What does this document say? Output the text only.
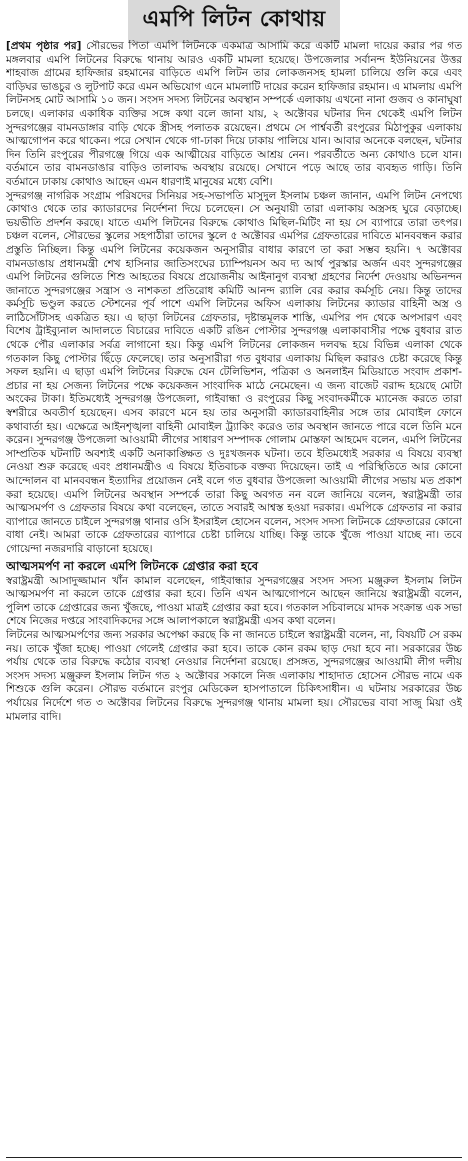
এমপি লিটন কোথায়

[প্রথম পৃষ্ঠার পর] সৌরভের পিতা এমপি লিটনকে একমাত্র আসামি করে একটি মামলা দায়ের করার পর গত মঙ্গলবার এমপি লিটনের বিরুদ্ধে থানায় আরও একটি মামলা হয়েছে। উপজেলার সর্বানন্দ ইউনিয়নের উত্তর শাহবাজ গ্রামের হাফিজার রহমানের বাড়িতে এমপি লিটন তার লোকজনসহ হামলা চালিয়ে গুলি করে এবং বাড়িঘর ভাঙচুর ও লুটপাট করে এমন অভিযোগ এনে মামলাটি দায়ের করেন হাফিজার রহমান। এ মামলায় এমপি লিটনসহ মোট আসামি ১০ জন। সংসদ সদস্য লিটনের অবস্থান সম্পর্কে এলাকায় এখনো নানা গুজব ও কানাঘুষা চলছে। এলাকার একাধিক ব্যক্তির সঙ্গে কথা বলে জানা যায়, ২ অক্টোবর ঘটনার দিন থেকেই এমপি লিটন সুন্দরগঞ্জের বামনডাঙ্গার বাড়ি থেকে স্ত্রীসহ পলাতক রয়েছেন। প্রথমে সে পার্শ্ববর্তী রংপুরের মিঠাপুকুর এলাকায় আত্মগোপন করে থাকেন। পরে সেখান থেকে গা-ঢাকা দিয়ে ঢাকায় পালিয়ে যান। আবার অনেকে বলছেন, ঘটনার দিন তিনি রংপুরের পীরগঞ্জে গিয়ে এক আত্মীয়ের বাড়িতে আশ্রয় নেন। পরবর্তীতে অন্য কোথাও চলে যান। বর্তমানে তার বামনডাঙার বাড়িও তালাবদ্ধ অবস্থায় রয়েছে। সেখানে পড়ে আছে তার ব্যবহৃত গাড়ি। তিনি বর্তমানে ঢাকায় কোথাও আছেন এমন ধারণাই মানুষের মধ্যে বেশি।

সুন্দরগঞ্জ নাগরিক সংগ্রাম পরিষদের সিনিয়র সহ-সভাপতি মাসুদুল ইসলাম চঞ্চল জানান, এমপি লিটন নেপথ্যে কোথাও থেকে তার ক্যাডারদের নির্দেশনা দিয়ে চলেছেন। সে অনুযায়ী তারা এলাকায় অস্ত্রসহ ঘুরে বেড়াচ্ছে। ভয়ভীতি প্রদর্শন করছে। যাতে এমপি লিটনের বিরুদ্ধে কোথাও মিছিল-মিটিং না হয় সে ব্যাপারে তারা তৎপর। চঞ্চল বলেন, সৌরভের স্কুলের সহপাঠীরা তাদের স্কুলে ৫ অক্টোবর এমপির গ্রেফতারের দাবিতে মানববন্ধন করার প্রস্তুতি নিচ্ছিল। কিন্তু এমপি লিটনের কয়েকজন অনুসারীর বাধার কারণে তা করা সম্ভব হয়নি। ৭ অক্টোবর বামনডাঙায় প্রধানমন্ত্রী শেখ হাসিনার জাতিসংঘের চ্যাম্পিয়নস অব দ্য আর্থ পুরস্কার অর্জন এবং সুন্দরগঞ্জের এমপি লিটনের গুলিতে শিশু আহতের বিষয়ে প্রয়োজনীয় আইনানুগ ব্যবস্থা গ্রহণের নির্দেশ দেওয়ায় অভিনন্দন জানাতে সুন্দরগঞ্জের সন্ত্রাস ও নাশকতা প্রতিরোধ কমিটি আনন্দ র‌্যালি বের করার কর্মসূচি নেয়। কিন্তু তাদের কর্মসূচি ভণ্ডুল করতে স্টেশনের পূর্ব পাশে এমপি লিটনের অফিস এলাকায় লিটনের ক্যাডার বাহিনী অস্ত্র ও লাঠিসোঁটাসহ একত্রিত হয়। এ ছাড়া লিটনের গ্রেফতার, দৃষ্টান্তমূলক শাস্তি, এমপির পদ থেকে অপসারণ এবং বিশেষ ট্রাইব্যুনাল আদালতে বিচারের দাবিতে একটি রঙিন পোস্টার সুন্দরগঞ্জ এলাকাবাসীর পক্ষে বুধবার রাত থেকে পৌর এলাকার সর্বত্র লাগানো হয়। কিন্তু এমপি লিটনের লোকজন দলবদ্ধ হয়ে বিভিন্ন এলাকা থেকে গতকাল কিছু পোস্টার ছিঁড়ে ফেলেছে। তার অনুসারীরা গত বুধবার এলাকায় মিছিল করারও চেষ্টা করেছে কিন্তু সফল হয়নি। এ ছাড়া এমপি লিটনের বিরুদ্ধে যেন টেলিভিশন, পত্রিকা ও অনলাইন মিডিয়াতে সংবাদ প্রকাশ-প্রচার না হয় সেজন্য লিটনের পক্ষে কয়েকজন সাংবাদিক মাঠে নেমেছেন। এ জন্য বাজেট বরাদ্দ হয়েছে মোটা অংকের টাকা। ইতিমধ্যেই সুন্দরগঞ্জ উপজেলা, গাইবান্ধা ও রংপুরের কিছু সংবাদকর্মীকে ম্যানেজ করতে তারা স্বশরীরে অবতীর্ণ হয়েছেন। এসব কারণে মনে হয় তার অনুসারী ক্যাডারবাহিনীর সঙ্গে তার মোবাইল ফোনে কথাবার্তা হয়। এক্ষেত্রে আইনশৃঙ্খলা বাহিনী মোবাইল ট্র্যাকিং করেও তার অবস্থান জানতে পারে বলে তিনি মনে করেন। সুন্দরগঞ্জ উপজেলা আওয়ামী লীগের সাধারণ সম্পাদক গোলাম মোস্তফা আহমেদ বলেন, এমপি লিটনের সাম্প্রতিক ঘটনাটি অবশ্যই একটি অনাকাঙ্ক্ষিত ও দুঃখজনক ঘটনা। তবে ইতিমধ্যেই সরকার এ বিষয়ে ব্যবস্থা নেওয়া শুরু করেছে এবং প্রধানমন্ত্রীও এ বিষয়ে ইতিবাচক বক্তব্য দিয়েছেন। তাই এ পরিস্থিতিতে আর কোনো আন্দোলন বা মানববন্ধন ইত্যাদির প্রয়োজন নেই বলে গত বুধবার উপজেলা আওয়ামী লীগের সভায় মত প্রকাশ করা হয়েছে। এমপি লিটনের অবস্থান সম্পর্কে তারা কিছু অবগত নন বলে জানিয়ে বলেন, স্বরাষ্ট্রমন্ত্রী তার আত্মসমর্পণ ও গ্রেফতার বিষয়ে কথা বলেছেন, তাতে সবারই আশ্বস্ত হওয়া দরকার। এমপিকে গ্রেফতার না করার ব্যাপারে জানতে চাইলে সুন্দরগঞ্জ থানার ওসি ইসরাইল হোসেন বলেন, সংসদ সদস্য লিটনকে গ্রেফতারের কোনো বাধা নেই। আমরা তাকে গ্রেফতারের ব্যাপারে চেষ্টা চালিয়ে যাচ্ছি। কিন্তু তাকে খুঁজে পাওয়া যাচ্ছে না। তবে গোয়েন্দা নজরদারি বাড়ানো হয়েছে।

আত্মসমর্পণ না করলে এমপি লিটনকে গ্রেপ্তার করা হবে

স্বরাষ্ট্রমন্ত্রী আসাদুজ্জামান খাঁন কামাল বলেছেন, গাইবান্ধার সুন্দরগঞ্জের সংসদ সদস্য মঞ্জুরুল ইসলাম লিটন আত্মসমর্পণ না করলে তাকে গ্রেপ্তার করা হবে। তিনি এখন আত্মগোপনে আছেন জানিয়ে স্বরাষ্ট্রমন্ত্রী বলেন, পুলিশ তাকে গ্রেপ্তারের জন্য খুঁজছে, পাওয়া মাত্রই গ্রেপ্তার করা হবে। গতকাল সচিবালয়ে মাদক সংক্রান্ত এক সভা শেষে নিজের দপ্তরে সাংবাদিকদের সঙ্গে আলাপকালে স্বরাষ্ট্রমন্ত্রী এসব কথা বলেন।

লিটনের আত্মসমর্পণের জন্য সরকার অপেক্ষা করছে কি না জানতে চাইলে স্বরাষ্ট্রমন্ত্রী বলেন, না, বিষয়টি সে রকম নয়। তাকে খুঁজা হচ্ছে। পাওয়া গেলেই গ্রেপ্তার করা হবে। তাকে কোন রকম ছাড় দেয়া হবে না। সরকারের উচ্চ পর্যায় থেকে তার বিরুদ্ধে কঠোর ব্যবস্থা নেওয়ার নির্দেশনা রয়েছে। প্রসঙ্গত, সুন্দরগঞ্জের আওয়ামী লীগ দলীয় সংসদ সদস্য মঞ্জুরুল ইসলাম লিটন গত ২ অক্টোবর সকালে নিজ এলাকায় শাহাদাত হোসেন সৌরভ নামে এক শিশুকে গুলি করেন। সৌরভ বর্তমানে রংপুর মেডিকেল হাসপাতালে চিকিৎসাধীন। এ ঘটনায় সরকারের উচ্চ পর্যায়ের নির্দেশে গত ৩ অক্টোবর লিটনের বিরুদ্ধে সুন্দরগঞ্জ থানায় মামলা হয়। সৌরভের বাবা সাজু মিয়া ওই মামলার বাদি।
